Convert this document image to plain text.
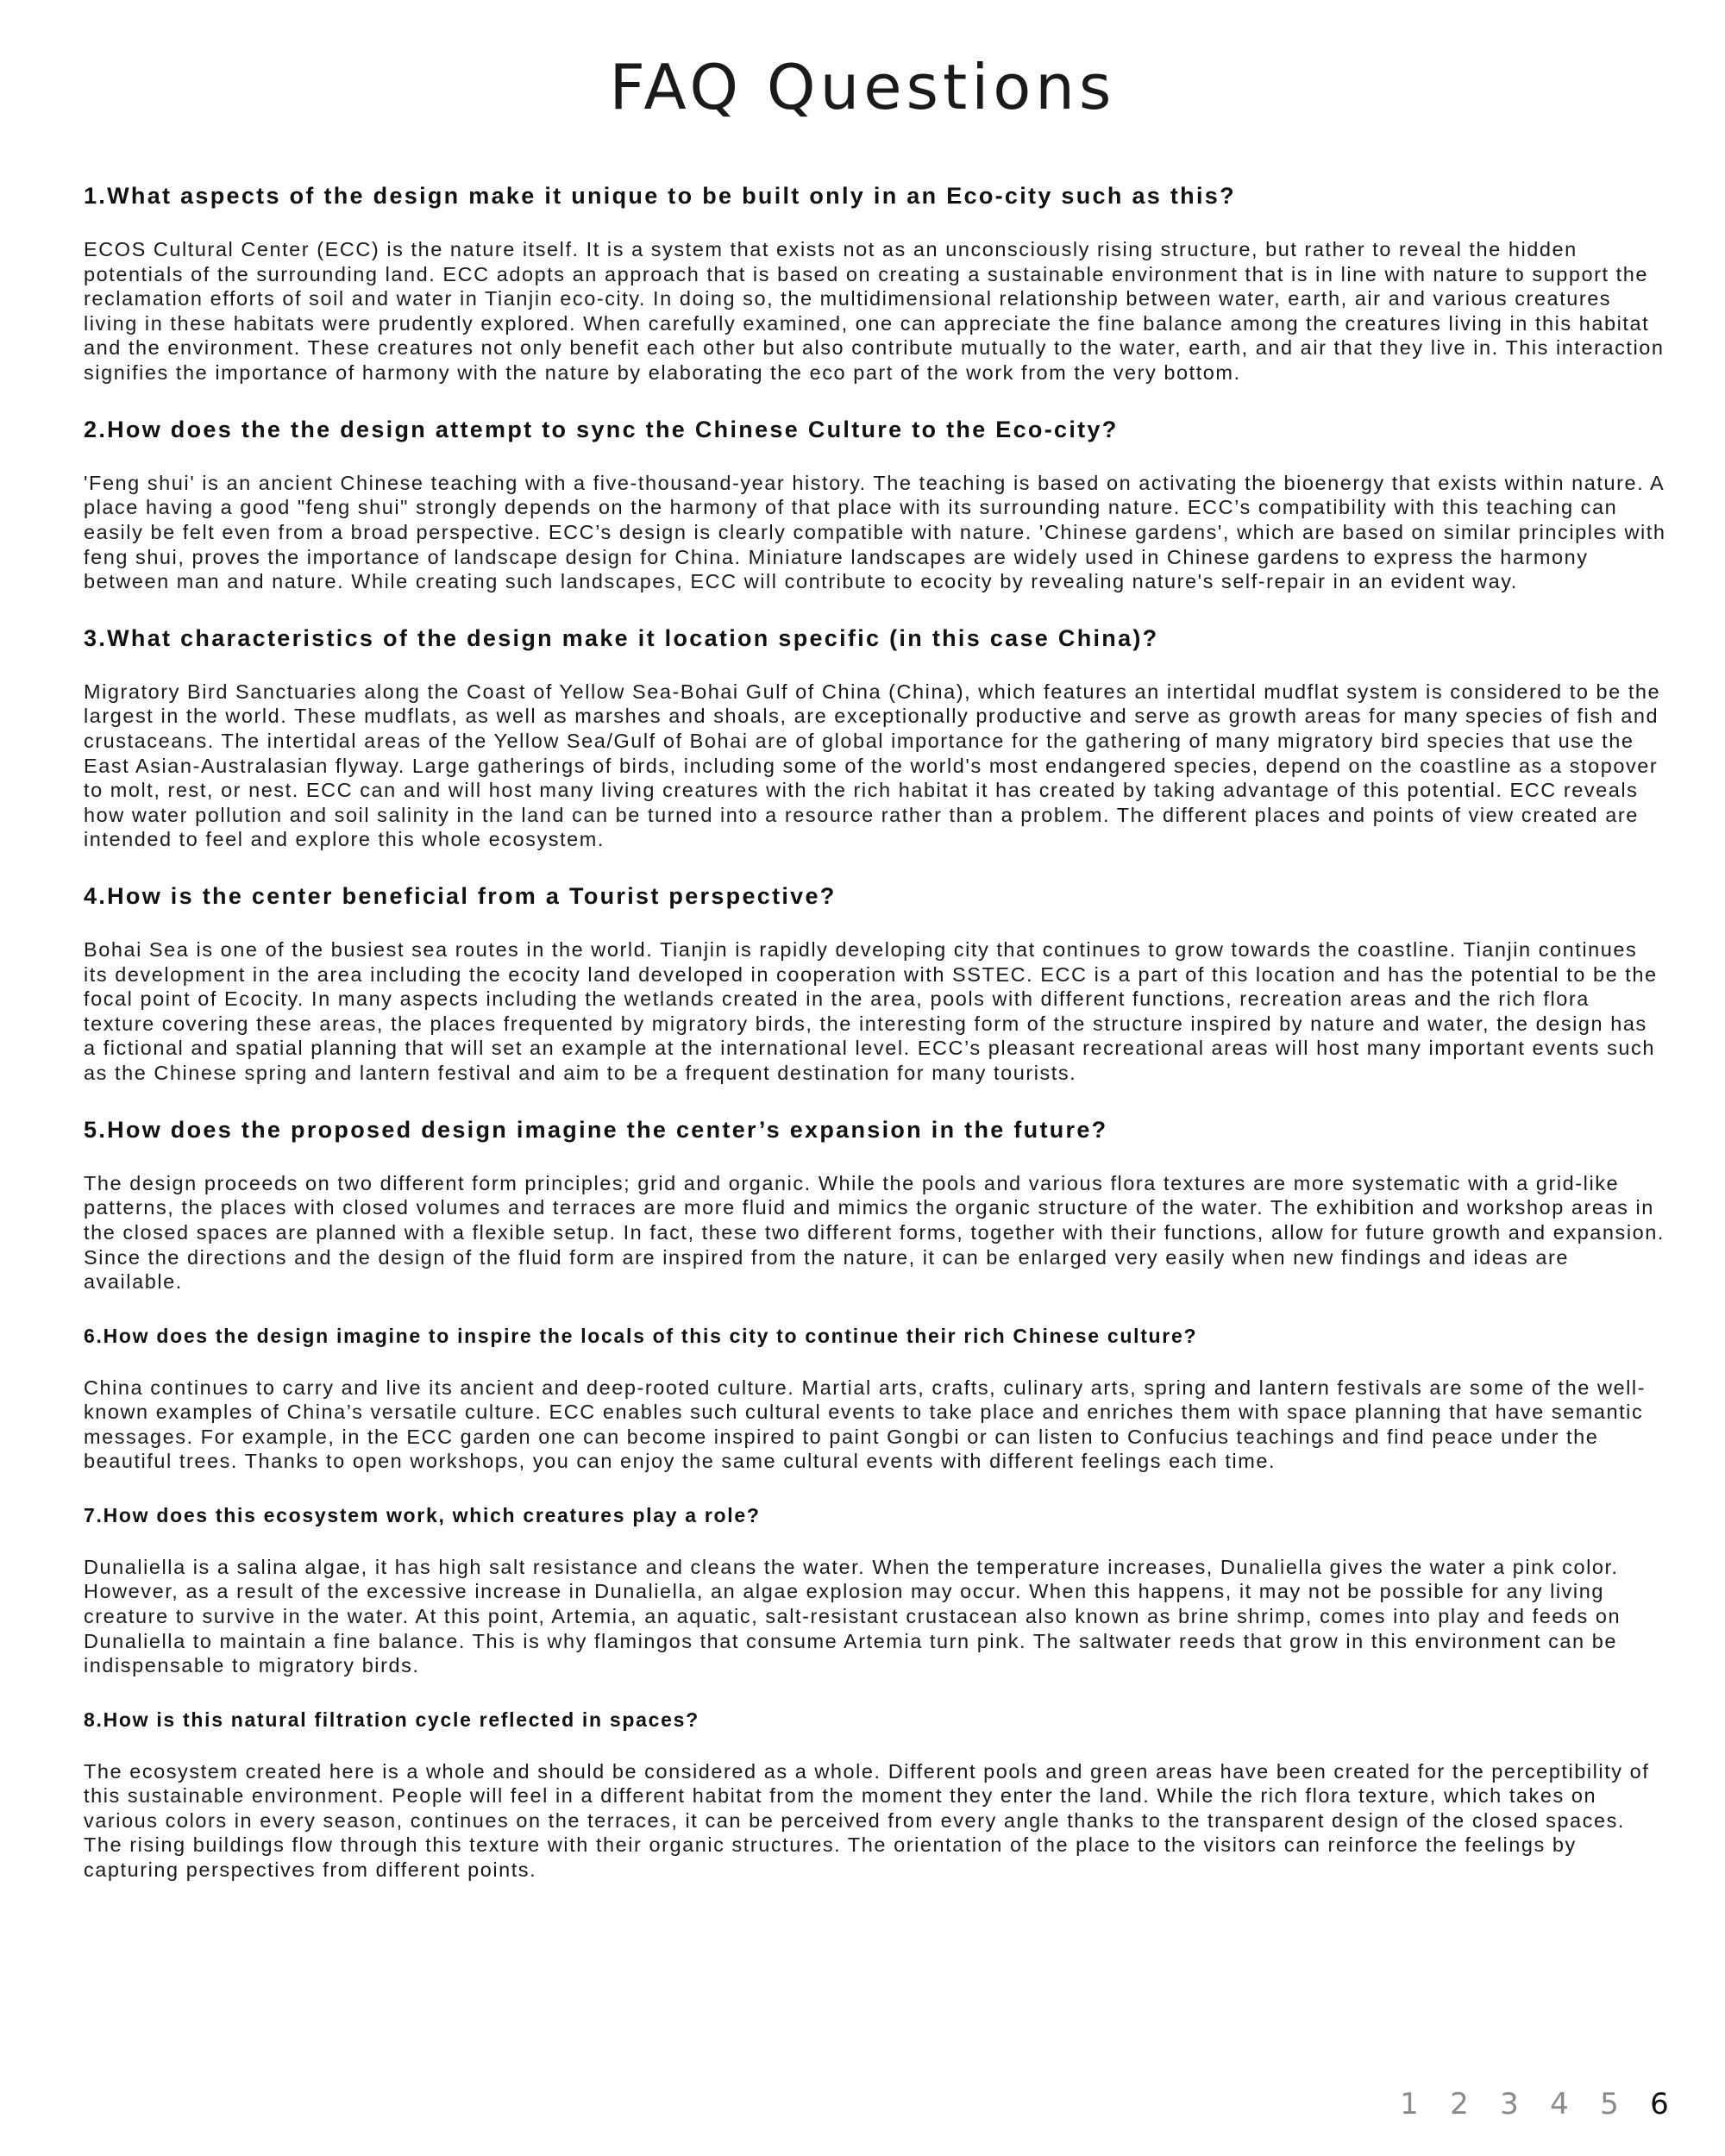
FAQ Questions
1.What aspects of the design make it unique to be built only in an Eco-city such as this?

ECOS Cultural Center (ECC) is the nature itself. It is a system that exists not as an unconsciously rising structure, but rather to reveal the hidden potentials of the surrounding land. ECC adopts an approach that is based on creating a sustainable environment that is in line with nature to support the reclamation efforts of soil and water in Tianjin eco-city. In doing so, the multidimensional relationship between water, earth, air and various creatures living in these habitats were prudently explored. When carefully examined, one can appreciate the fine balance among the creatures living in this habitat and the environment. These creatures not only benefit each other but also contribute mutually to the water, earth, and air that they live in. This interaction signifies the importance of harmony with the nature by elaborating the eco part of the work from the very bottom.

2.How does the the design attempt to sync the Chinese Culture to the Eco-city?

'Feng shui' is an ancient Chinese teaching with a five-thousand-year history. The teaching is based on activating the bioenergy that exists within nature. A place having a good "feng shui" strongly depends on the harmony of that place with its surrounding nature. ECC’s compatibility with this teaching can easily be felt even from a broad perspective. ECC’s design is clearly compatible with nature. 'Chinese gardens', which are based on similar principles with feng shui, proves the importance of landscape design for China. Miniature landscapes are widely used in Chinese gardens to express the harmony between man and nature. While creating such landscapes, ECC will contribute to ecocity by revealing nature's self-repair in an evident way.

3.What characteristics of the design make it location specific (in this case China)?

Migratory Bird Sanctuaries along the Coast of Yellow Sea-Bohai Gulf of China (China), which features an intertidal mudflat system is considered to be the largest in the world. These mudflats, as well as marshes and shoals, are exceptionally productive and serve as growth areas for many species of fish and crustaceans. The intertidal areas of the Yellow Sea/Gulf of Bohai are of global importance for the gathering of many migratory bird species that use the East Asian-Australasian flyway. Large gatherings of birds, including some of the world's most endangered species, depend on the coastline as a stopover to molt, rest, or nest. ECC can and will host many living creatures with the rich habitat it has created by taking advantage of this potential. ECC reveals how water pollution and soil salinity in the land can be turned into a resource rather than a problem. The different places and points of view created are intended to feel and explore this whole ecosystem.

4.How is the center beneficial from a Tourist perspective?

Bohai Sea is one of the busiest sea routes in the world. Tianjin is rapidly developing city that continues to grow towards the coastline. Tianjin continues its development in the area including the ecocity land developed in cooperation with SSTEC. ECC is a part of this location and has the potential to be the focal point of Ecocity. In many aspects including the wetlands created in the area, pools with different functions, recreation areas and the rich flora texture covering these areas, the places frequented by migratory birds, the interesting form of the structure inspired by nature and water, the design has a fictional and spatial planning that will set an example at the international level. ECC’s pleasant recreational areas will host many important events such as the Chinese spring and lantern festival and aim to be a frequent destination for many tourists.

5.How does the proposed design imagine the center’s expansion in the future?

The design proceeds on two different form principles; grid and organic. While the pools and various flora textures are more systematic with a grid-like patterns, the places with closed volumes and terraces are more fluid and mimics the organic structure of the water. The exhibition and workshop areas in the closed spaces are planned with a flexible setup. In fact, these two different forms, together with their functions, allow for future growth and expansion. Since the directions and the design of the fluid form are inspired from the nature, it can be enlarged very easily when new findings and ideas are available.

6.How does the design imagine to inspire the locals of this city to continue their rich Chinese culture?

China continues to carry and live its ancient and deep-rooted culture. Martial arts, crafts, culinary arts, spring and lantern festivals are some of the well-known examples of China’s versatile culture. ECC enables such cultural events to take place and enriches them with space planning that have semantic messages. For example, in the ECC garden one can become inspired to paint Gongbi or can listen to Confucius teachings and find peace under the beautiful trees. Thanks to open workshops, you can enjoy the same cultural events with different feelings each time.

7.How does this ecosystem work, which creatures play a role?

Dunaliella is a salina algae, it has high salt resistance and cleans the water. When the temperature increases, Dunaliella gives the water a pink color. However, as a result of the excessive increase in Dunaliella, an algae explosion may occur. When this happens, it may not be possible for any living creature to survive in the water. At this point, Artemia, an aquatic, salt-resistant crustacean also known as brine shrimp, comes into play and feeds on Dunaliella to maintain a fine balance. This is why flamingos that consume Artemia turn pink. The saltwater reeds that grow in this environment can be indispensable to migratory birds.

8.How is this natural filtration cycle reflected in spaces?

The ecosystem created here is a whole and should be considered as a whole. Different pools and green areas have been created for the perceptibility of this sustainable environment. People will feel in a different habitat from the moment they enter the land. While the rich flora texture, which takes on various colors in every season, continues on the terraces, it can be perceived from every angle thanks to the transparent design of the closed spaces. The rising buildings flow through this texture with their organic structures. The orientation of the place to the visitors can reinforce the feelings by capturing perspectives from different points.

1 2 3 4 5 6
